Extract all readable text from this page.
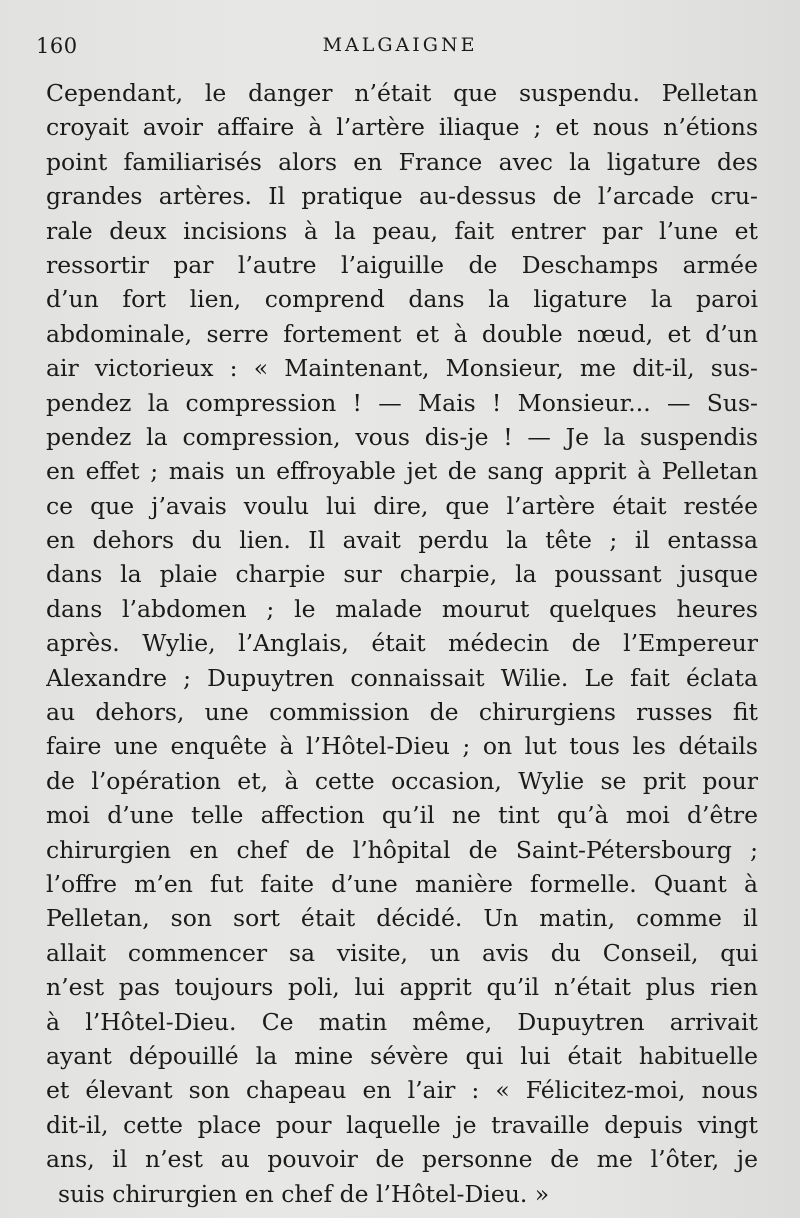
160	MALGAIGNE
Cependant, le danger n’était que suspendu. Pelletan
croyait avoir affaire à l’artère iliaque ; et nous n’étions
point familiarisés alors en France avec la ligature des
grandes artères. Il pratique au-dessus de l’arcade cru-
rale deux incisions à la peau, fait entrer par l’une et
ressortir par l’autre l’aiguille de Deschamps armée
d’un fort lien, comprend dans la ligature la paroi
abdominale, serre fortement et à double nœud, et d’un
air victorieux : « Maintenant, Monsieur, me dit-il, sus-
pendez la compression ! — Mais ! Monsieur... — Sus-
pendez la compression, vous dis-je ! — Je la suspendis
en effet ; mais un effroyable jet de sang apprit à Pelletan
ce que j’avais voulu lui dire, que l’artère était restée
en dehors du lien. Il avait perdu la tête ; il entassa
dans la plaie charpie sur charpie, la poussant jusque
dans l’abdomen ; le malade mourut quelques heures
après. Wylie, l’Anglais, était médecin de l’Empereur
Alexandre ; Dupuytren connaissait Wilie. Le fait éclata
au dehors, une commission de chirurgiens russes fit
faire une enquête à l’Hôtel-Dieu ; on lut tous les détails
de l’opération et, à cette occasion, Wylie se prit pour
moi d’une telle affection qu’il ne tint qu’à moi d’être
chirurgien en chef de l’hôpital de Saint-Pétersbourg ;
l’offre m’en fut faite d’une manière formelle. Quant à
Pelletan, son sort était décidé. Un matin, comme il
allait commencer sa visite, un avis du Conseil, qui
n’est pas toujours poli, lui apprit qu’il n’était plus rien
à l’Hôtel-Dieu. Ce matin même, Dupuytren arrivait
ayant dépouillé la mine sévère qui lui était habituelle
et élevant son chapeau en l’air : « Félicitez-moi, nous
dit-il, cette place pour laquelle je travaille depuis vingt
ans, il n’est au pouvoir de personne de me l’ôter, je
suis chirurgien en chef de l’Hôtel-Dieu. »
